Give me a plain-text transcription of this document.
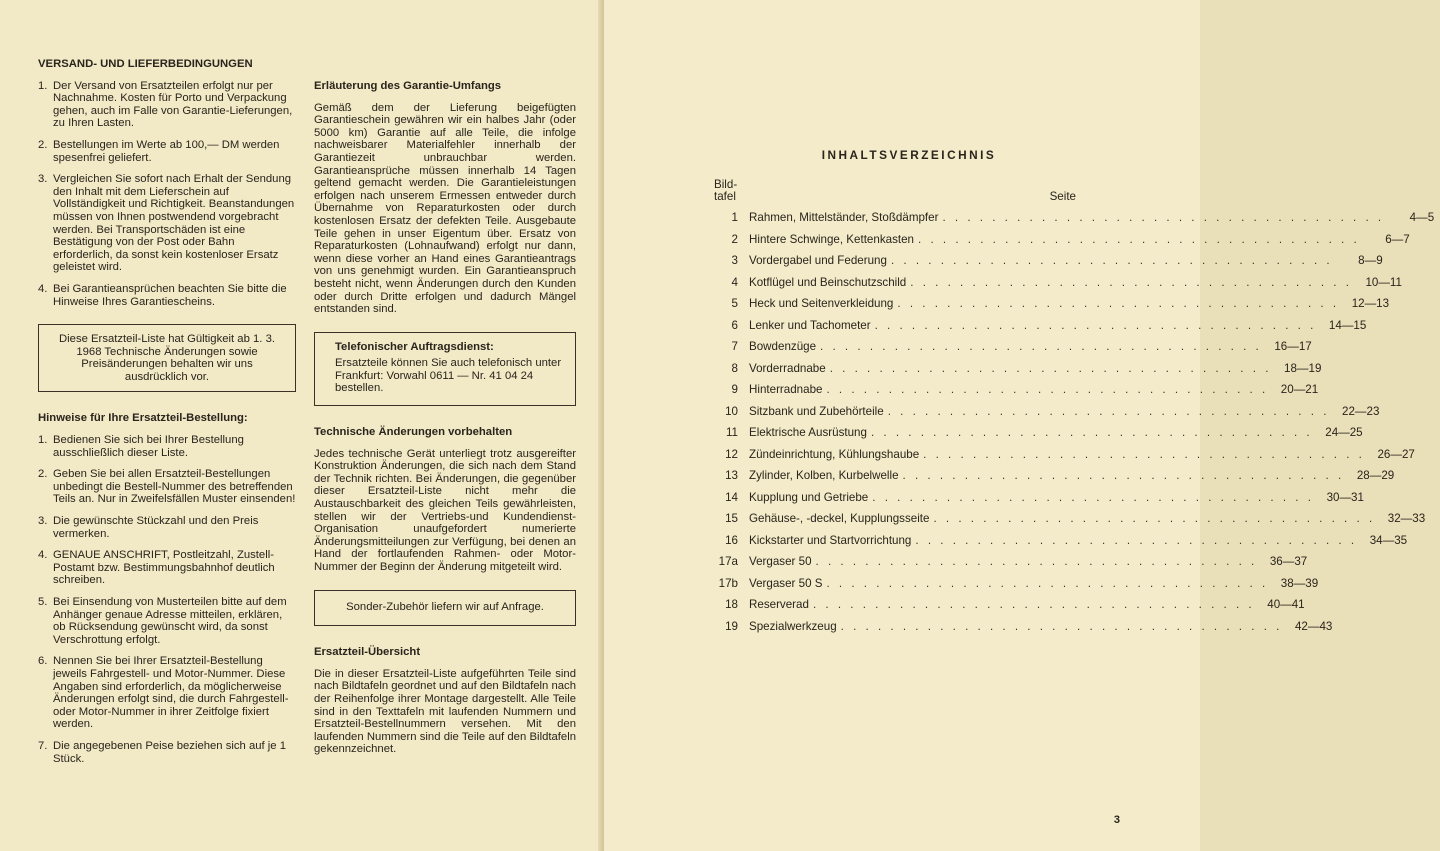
VERSAND- UND LIEFERBEDINGUNGEN
1. Der Versand von Ersatzteilen erfolgt nur per Nachnahme. Kosten für Porto und Verpackung gehen, auch im Falle von Garantie-Lieferungen, zu Ihren Lasten.
2. Bestellungen im Werte ab 100,— DM werden spesenfrei geliefert.
3. Vergleichen Sie sofort nach Erhalt der Sendung den Inhalt mit dem Lieferschein auf Vollständigkeit und Richtigkeit. Beanstandungen müssen von Ihnen postwendend vorgebracht werden. Bei Transportschäden ist eine Bestätigung von der Post oder Bahn erforderlich, da sonst kein kostenloser Ersatz geleistet wird.
4. Bei Garantieansprüchen beachten Sie bitte die Hinweise Ihres Garantiescheins.
Diese Ersatzteil-Liste hat Gültigkeit ab 1. 3. 1968 Technische Änderungen sowie Preisänderungen behalten wir uns ausdrücklich vor.
Hinweise für Ihre Ersatzteil-Bestellung:
1. Bedienen Sie sich bei Ihrer Bestellung ausschließlich dieser Liste.
2. Geben Sie bei allen Ersatzteil-Bestellungen unbedingt die Bestell-Nummer des betreffenden Teils an. Nur in Zweifelsfällen Muster einsenden!
3. Die gewünschte Stückzahl und den Preis vermerken.
4. GENAUE ANSCHRIFT, Postleitzahl, Zustell-Postamt bzw. Bestimmungsbahnhof deutlich schreiben.
5. Bei Einsendung von Musterteilen bitte auf dem Anhänger genaue Adresse mitteilen, erklären, ob Rücksendung gewünscht wird, da sonst Verschrottung erfolgt.
6. Nennen Sie bei Ihrer Ersatzteil-Bestellung jeweils Fahrgestell- und Motor-Nummer. Diese Angaben sind erforderlich, da möglicherweise Änderungen erfolgt sind, die durch Fahrgestell- oder Motor-Nummer in ihrer Zeitfolge fixiert werden.
7. Die angegebenen Peise beziehen sich auf je 1 Stück.
Erläuterung des Garantie-Umfangs
Gemäß dem der Lieferung beigefügten Garantieschein gewähren wir ein halbes Jahr (oder 5000 km) Garantie auf alle Teile, die infolge nachweisbarer Materialfehler innerhalb der Garantiezeit unbrauchbar werden. Garantieansprüche müssen innerhalb 14 Tagen geltend gemacht werden. Die Garantieleistungen erfolgen nach unserem Ermessen entweder durch Übernahme von Reparaturkosten oder durch kostenlosen Ersatz der defekten Teile. Ausgebaute Teile gehen in unser Eigentum über. Ersatz von Reparaturkosten (Lohnaufwand) erfolgt nur dann, wenn diese vorher an Hand eines Garantieantrags von uns genehmigt wurden. Ein Garantieanspruch besteht nicht, wenn Änderungen durch den Kunden oder durch Dritte erfolgen und dadurch Mängel entstanden sind.
Telefonischer Auftragsdienst:
Ersatzteile können Sie auch telefonisch unter Frankfurt: Vorwahl 0611 — Nr. 41 04 24 bestellen.
Technische Änderungen vorbehalten
Jedes technische Gerät unterliegt trotz ausgereifter Konstruktion Änderungen, die sich nach dem Stand der Technik richten. Bei Änderungen, die gegenüber dieser Ersatzteil-Liste nicht mehr die Austauschbarkeit des gleichen Teils gewährleisten, stellen wir der Vertriebs-und Kundendienst-Organisation unaufgefordert numerierte Änderungsmitteilungen zur Verfügung, bei denen an Hand der fortlaufenden Rahmen- oder Motor-Nummer der Beginn der Änderung mitgeteilt wird.
Sonder-Zubehör liefern wir auf Anfrage.
Ersatzteil-Übersicht
Die in dieser Ersatzteil-Liste aufgeführten Teile sind nach Bildtafeln geordnet und auf den Bildtafeln nach der Reihenfolge ihrer Montage dargestellt. Alle Teile sind in den Texttafeln mit laufenden Nummern und Ersatzteil-Bestellnummern versehen. Mit den laufenden Nummern sind die Teile auf den Bildtafeln gekennzeichnet.
3
INHALTSVERZEICHNIS
Bild-
tafel	Seite
1 Rahmen, Mittelständer, Stoßdämpfer . . . . . . . . . . . . . . . . . . . . . . . . . . . . . . . . . . . .	4—5
2 Hintere Schwinge, Kettenkasten . . . . . . . . . . . . . . . . . . . . . . . . . . . . . . . . . . . .	6—7
3 Vordergabel und Federung . . . . . . . . . . . . . . . . . . . . . . . . . . . . . . . . . . . .	8—9
4 Kotflügel und Beinschutzschild . . . . . . . . . . . . . . . . . . . . . . . . . . . . . . . . . . . .	10—11
5 Heck und Seitenverkleidung . . . . . . . . . . . . . . . . . . . . . . . . . . . . . . . . . . . .	12—13
6 Lenker und Tachometer . . . . . . . . . . . . . . . . . . . . . . . . . . . . . . . . . . . .	14—15
7 Bowdenzüge . . . . . . . . . . . . . . . . . . . . . . . . . . . . . . . . . . . .	16—17
8 Vorderradnabe . . . . . . . . . . . . . . . . . . . . . . . . . . . . . . . . . . . .	18—19
9 Hinterradnabe . . . . . . . . . . . . . . . . . . . . . . . . . . . . . . . . . . . .	20—21
10 Sitzbank und Zubehörteile . . . . . . . . . . . . . . . . . . . . . . . . . . . . . . . . . . . .	22—23
11 Elektrische Ausrüstung . . . . . . . . . . . . . . . . . . . . . . . . . . . . . . . . . . . .	24—25
12 Zündeinrichtung, Kühlungshaube . . . . . . . . . . . . . . . . . . . . . . . . . . . . . . . . . . . .	26—27
13 Zylinder, Kolben, Kurbelwelle . . . . . . . . . . . . . . . . . . . . . . . . . . . . . . . . . . . .	28—29
14 Kupplung und Getriebe . . . . . . . . . . . . . . . . . . . . . . . . . . . . . . . . . . . .	30—31
15 Gehäuse-, -deckel, Kupplungsseite . . . . . . . . . . . . . . . . . . . . . . . . . . . . . . . . . . . .	32—33
16 Kickstarter und Startvorrichtung . . . . . . . . . . . . . . . . . . . . . . . . . . . . . . . . . . . .	34—35
17a Vergaser 50 . . . . . . . . . . . . . . . . . . . . . . . . . . . . . . . . . . . .	36—37
17b Vergaser 50 S . . . . . . . . . . . . . . . . . . . . . . . . . . . . . . . . . . . .	38—39
18 Reserverad . . . . . . . . . . . . . . . . . . . . . . . . . . . . . . . . . . . .	40—41
19 Spezialwerkzeug . . . . . . . . . . . . . . . . . . . . . . . . . . . . . . . . . . . .	42—43
